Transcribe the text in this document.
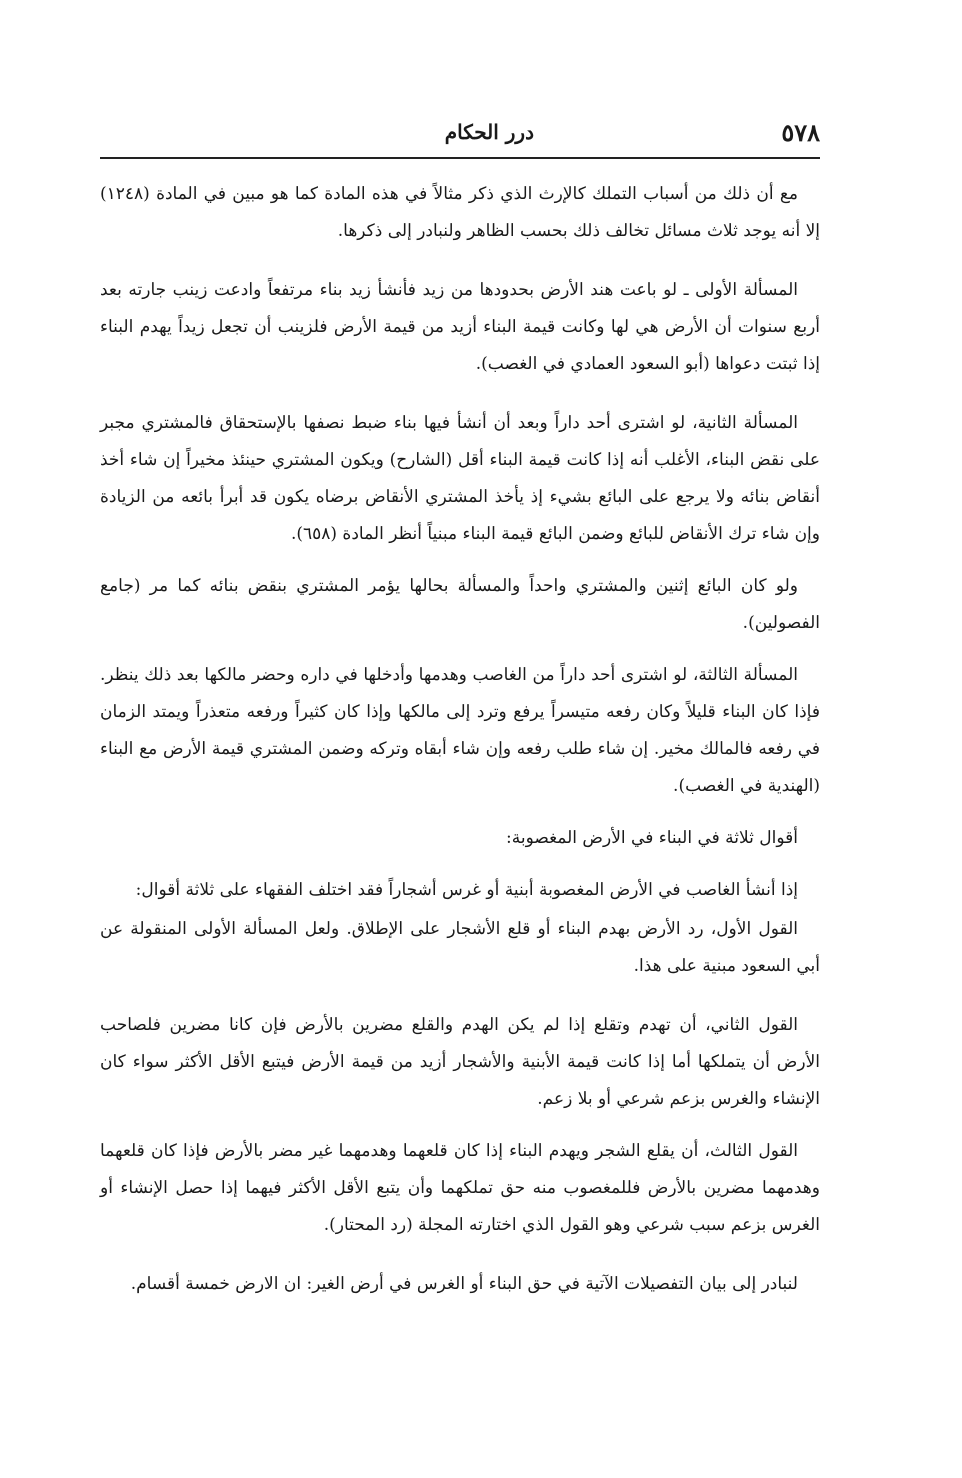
٥٧٨
درر الحكام

مع أن ذلك من أسباب التملك كالإرث الذي ذكر مثالاً في هذه المادة كما هو مبين في المادة (١٢٤٨) إلا أنه يوجد ثلاث مسائل تخالف ذلك بحسب الظاهر ولنبادر إلى ذكرها.

المسألة الأولى ـ لو باعت هند الأرض بحدودها من زيد فأنشأ زيد بناء مرتفعاً وادعت زينب جارته بعد أربع سنوات أن الأرض هي لها وكانت قيمة البناء أزيد من قيمة الأرض فلزينب أن تجعل زيداً يهدم البناء إذا ثبتت دعواها (أبو السعود العمادي في الغصب).

المسألة الثانية، لو اشترى أحد داراً وبعد أن أنشأ فيها بناء ضبط نصفها بالإستحقاق فالمشتري مجبر على نقض البناء، الأغلب أنه إذا كانت قيمة البناء أقل (الشارح) ويكون المشتري حينئذ مخيراً إن شاء أخذ أنقاض بنائه ولا يرجع على البائع بشيء إذ يأخذ المشتري الأنقاض برضاه يكون قد أبرأ بائعه من الزيادة وإن شاء ترك الأنقاض للبائع وضمن البائع قيمة البناء مبنياً أنظر المادة (٦٥٨).

ولو كان البائع إثنين والمشتري واحداً والمسألة بحالها يؤمر المشتري بنقض بنائه كما مر (جامع الفصولين).

المسألة الثالثة، لو اشترى أحد داراً من الغاصب وهدمها وأدخلها في داره وحضر مالكها بعد ذلك ينظر. فإذا كان البناء قليلاً وكان رفعه متيسراً يرفع وترد إلى مالكها وإذا كان كثيراً ورفعه متعذراً ويمتد الزمان في رفعه فالمالك مخير. إن شاء طلب رفعه وإن شاء أبقاه وتركه وضمن المشتري قيمة الأرض مع البناء (الهندية في الغصب).

أقوال ثلاثة في البناء في الأرض المغصوبة:

إذا أنشأ الغاصب في الأرض المغصوبة أبنية أو غرس أشجاراً فقد اختلف الفقهاء على ثلاثة أقوال:

القول الأول، رد الأرض بهدم البناء أو قلع الأشجار على الإطلاق. ولعل المسألة الأولى المنقولة عن أبي السعود مبنية على هذا.

القول الثاني، أن تهدم وتقلع إذا لم يكن الهدم والقلع مضرين بالأرض فإن كانا مضرين فلصاحب الأرض أن يتملكها أما إذا كانت قيمة الأبنية والأشجار أزيد من قيمة الأرض فيتبع الأقل الأكثر سواء كان الإنشاء والغرس بزعم شرعي أو بلا زعم.

القول الثالث، أن يقلع الشجر ويهدم البناء إذا كان قلعهما وهدمهما غير مضر بالأرض فإذا كان قلعهما وهدمهما مضرين بالأرض فللمغصوب منه حق تملكهما وأن يتبع الأقل الأكثر فيهما إذا حصل الإنشاء أو الغرس بزعم سبب شرعي وهو القول الذي اختارته المجلة (رد المحتار).

لنبادر إلى بيان التفصيلات الآتية في حق البناء أو الغرس في أرض الغير: ان الارض خمسة أقسام.
